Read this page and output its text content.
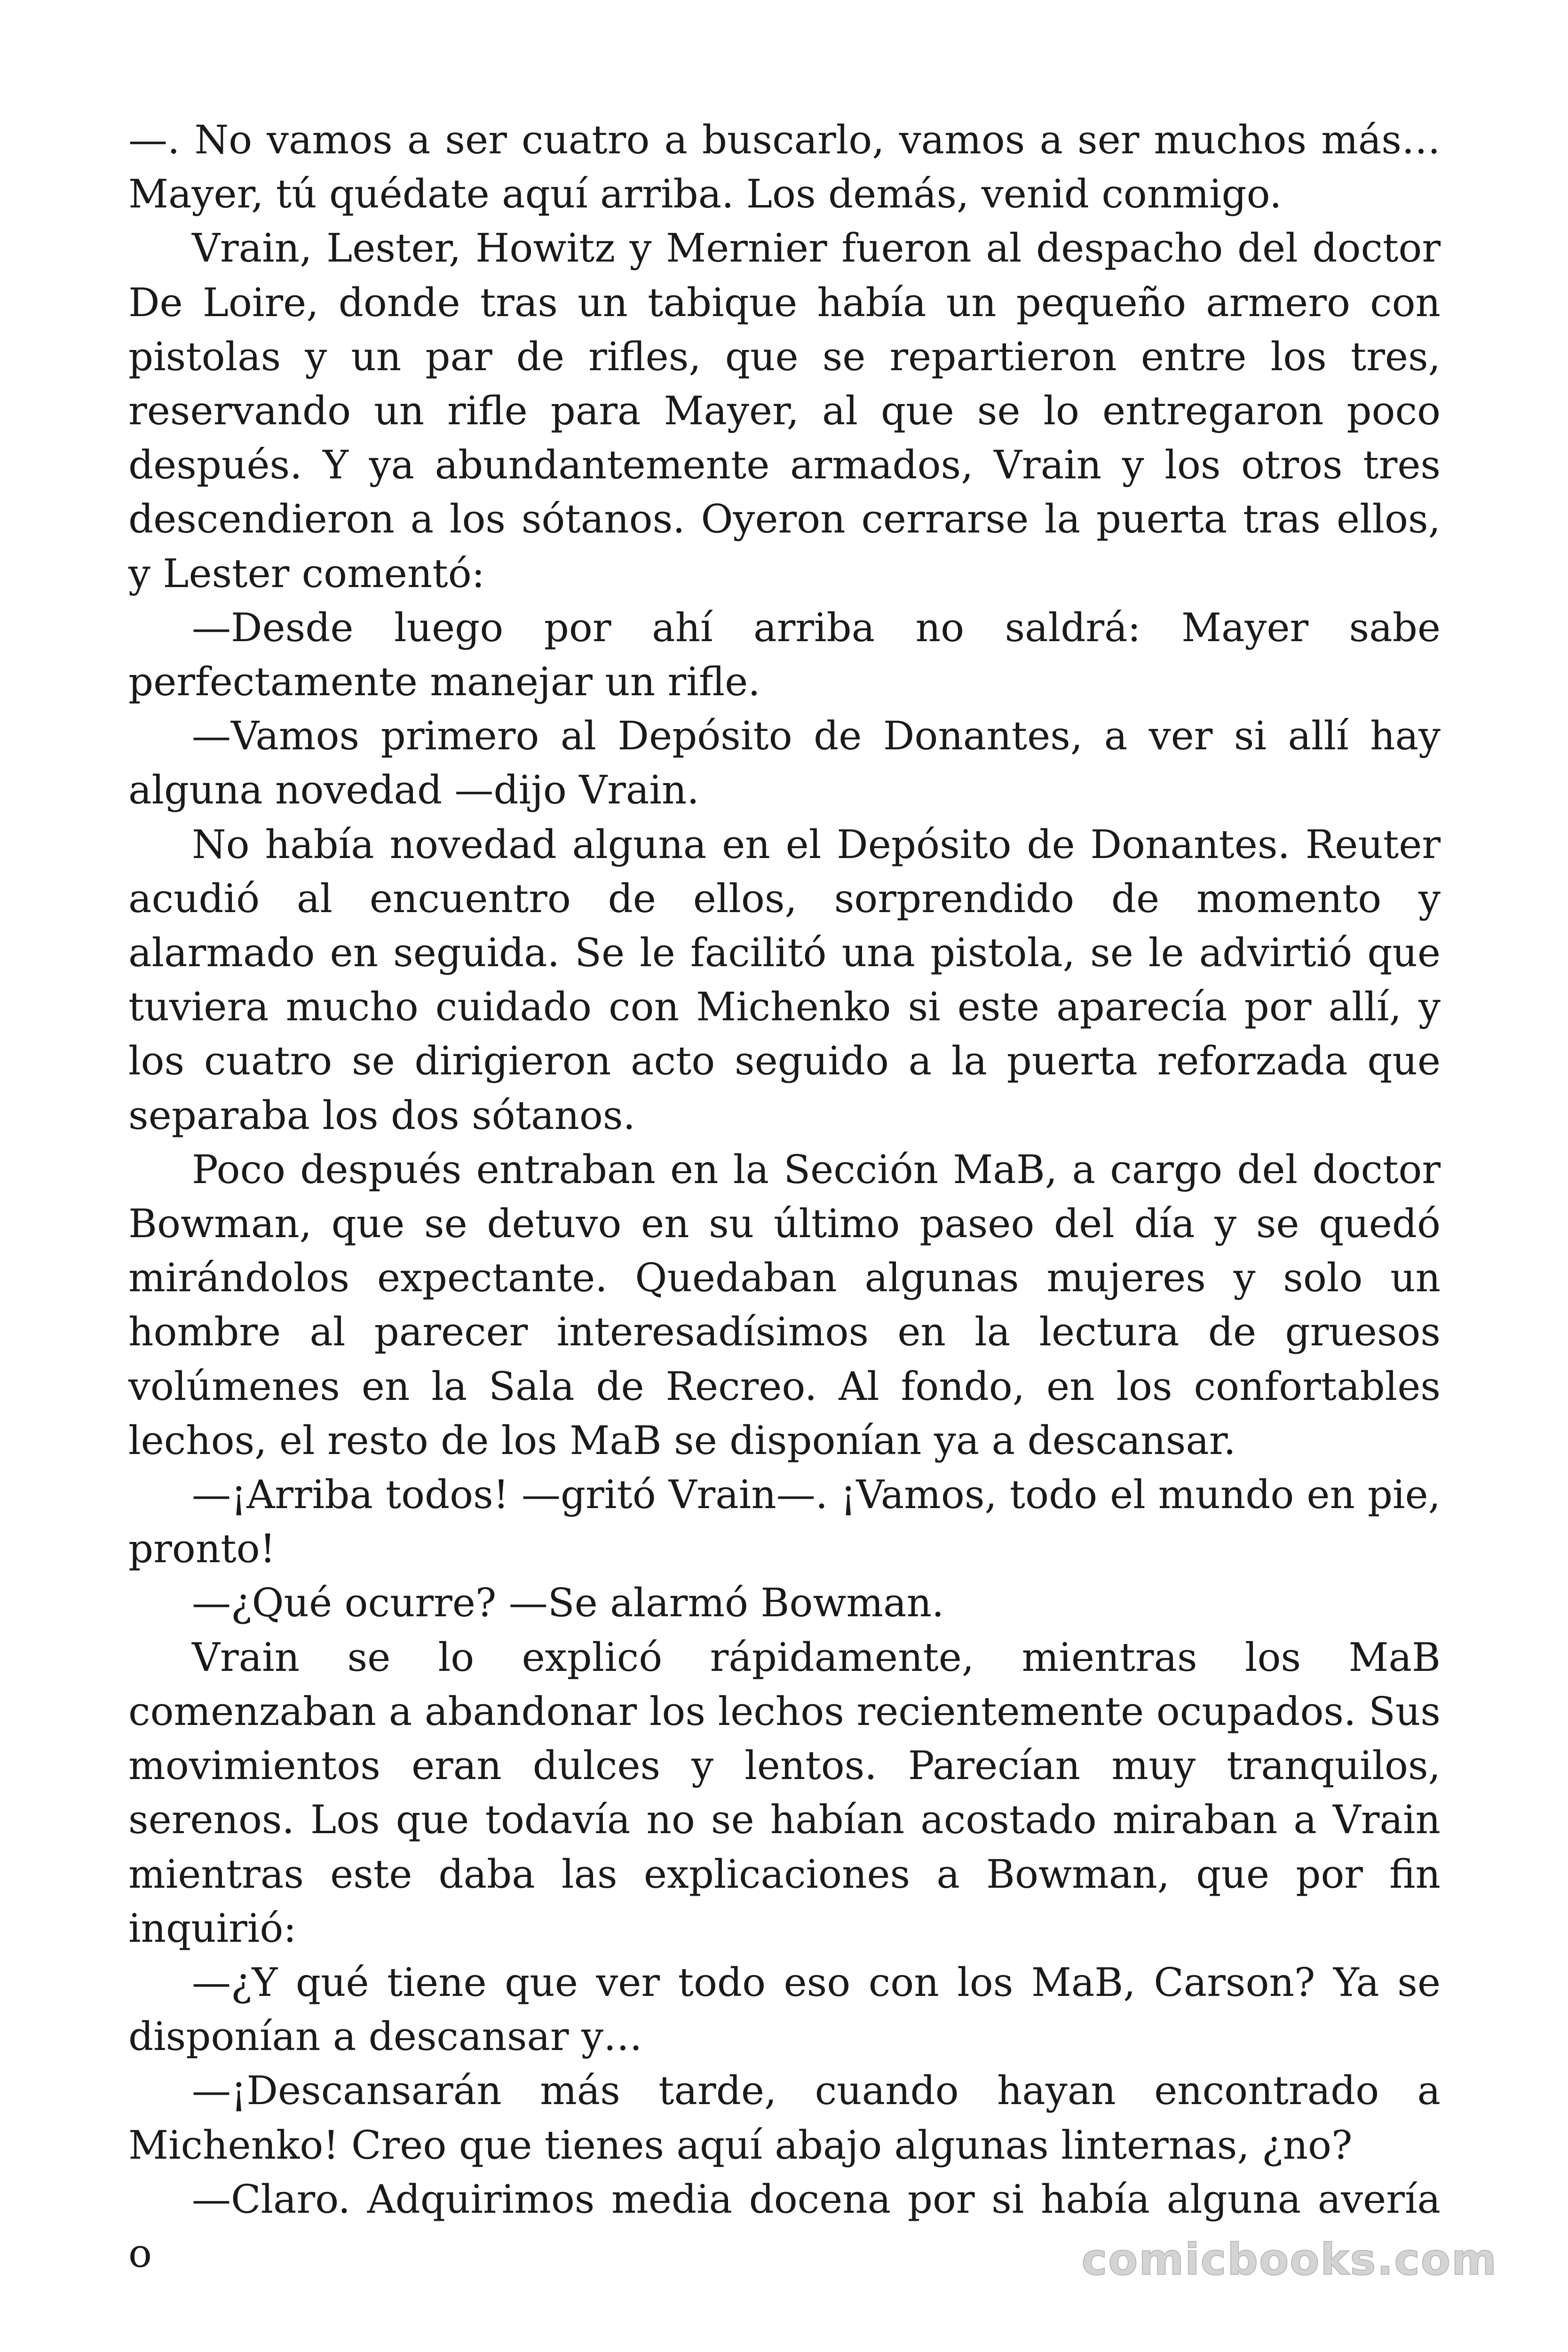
—. No vamos a ser cuatro a buscarlo, vamos a ser muchos más… Mayer, tú quédate aquí arriba. Los demás, venid conmigo.

Vrain, Lester, Howitz y Mernier fueron al despacho del doctor De Loire, donde tras un tabique había un pequeño armero con pistolas y un par de rifles, que se repartieron entre los tres, reservando un rifle para Mayer, al que se lo entregaron poco después. Y ya abundantemente armados, Vrain y los otros tres descendieron a los sótanos. Oyeron cerrarse la puerta tras ellos, y Lester comentó:

—Desde luego por ahí arriba no saldrá: Mayer sabe perfectamente manejar un rifle.

—Vamos primero al Depósito de Donantes, a ver si allí hay alguna novedad —dijo Vrain.

No había novedad alguna en el Depósito de Donantes. Reuter acudió al encuentro de ellos, sorprendido de momento y alarmado en seguida. Se le facilitó una pistola, se le advirtió que tuviera mucho cuidado con Michenko si este aparecía por allí, y los cuatro se dirigieron acto seguido a la puerta reforzada que separaba los dos sótanos.

Poco después entraban en la Sección MaB, a cargo del doctor Bowman, que se detuvo en su último paseo del día y se quedó mirándolos expectante. Quedaban algunas mujeres y solo un hombre al parecer interesadísimos en la lectura de gruesos volúmenes en la Sala de Recreo. Al fondo, en los confortables lechos, el resto de los MaB se disponían ya a descansar.

—¡Arriba todos! —gritó Vrain—. ¡Vamos, todo el mundo en pie, pronto!

—¿Qué ocurre? —Se alarmó Bowman.

Vrain se lo explicó rápidamente, mientras los MaB comenzaban a abandonar los lechos recientemente ocupados. Sus movimientos eran dulces y lentos. Parecían muy tranquilos, serenos. Los que todavía no se habían acostado miraban a Vrain mientras este daba las explicaciones a Bowman, que por fin inquirió:

—¿Y qué tiene que ver todo eso con los MaB, Carson? Ya se disponían a descansar y…

—¡Descansarán más tarde, cuando hayan encontrado a Michenko! Creo que tienes aquí abajo algunas linternas, ¿no?

—Claro. Adquirimos media docena por si había alguna avería o	comicbooks.com
